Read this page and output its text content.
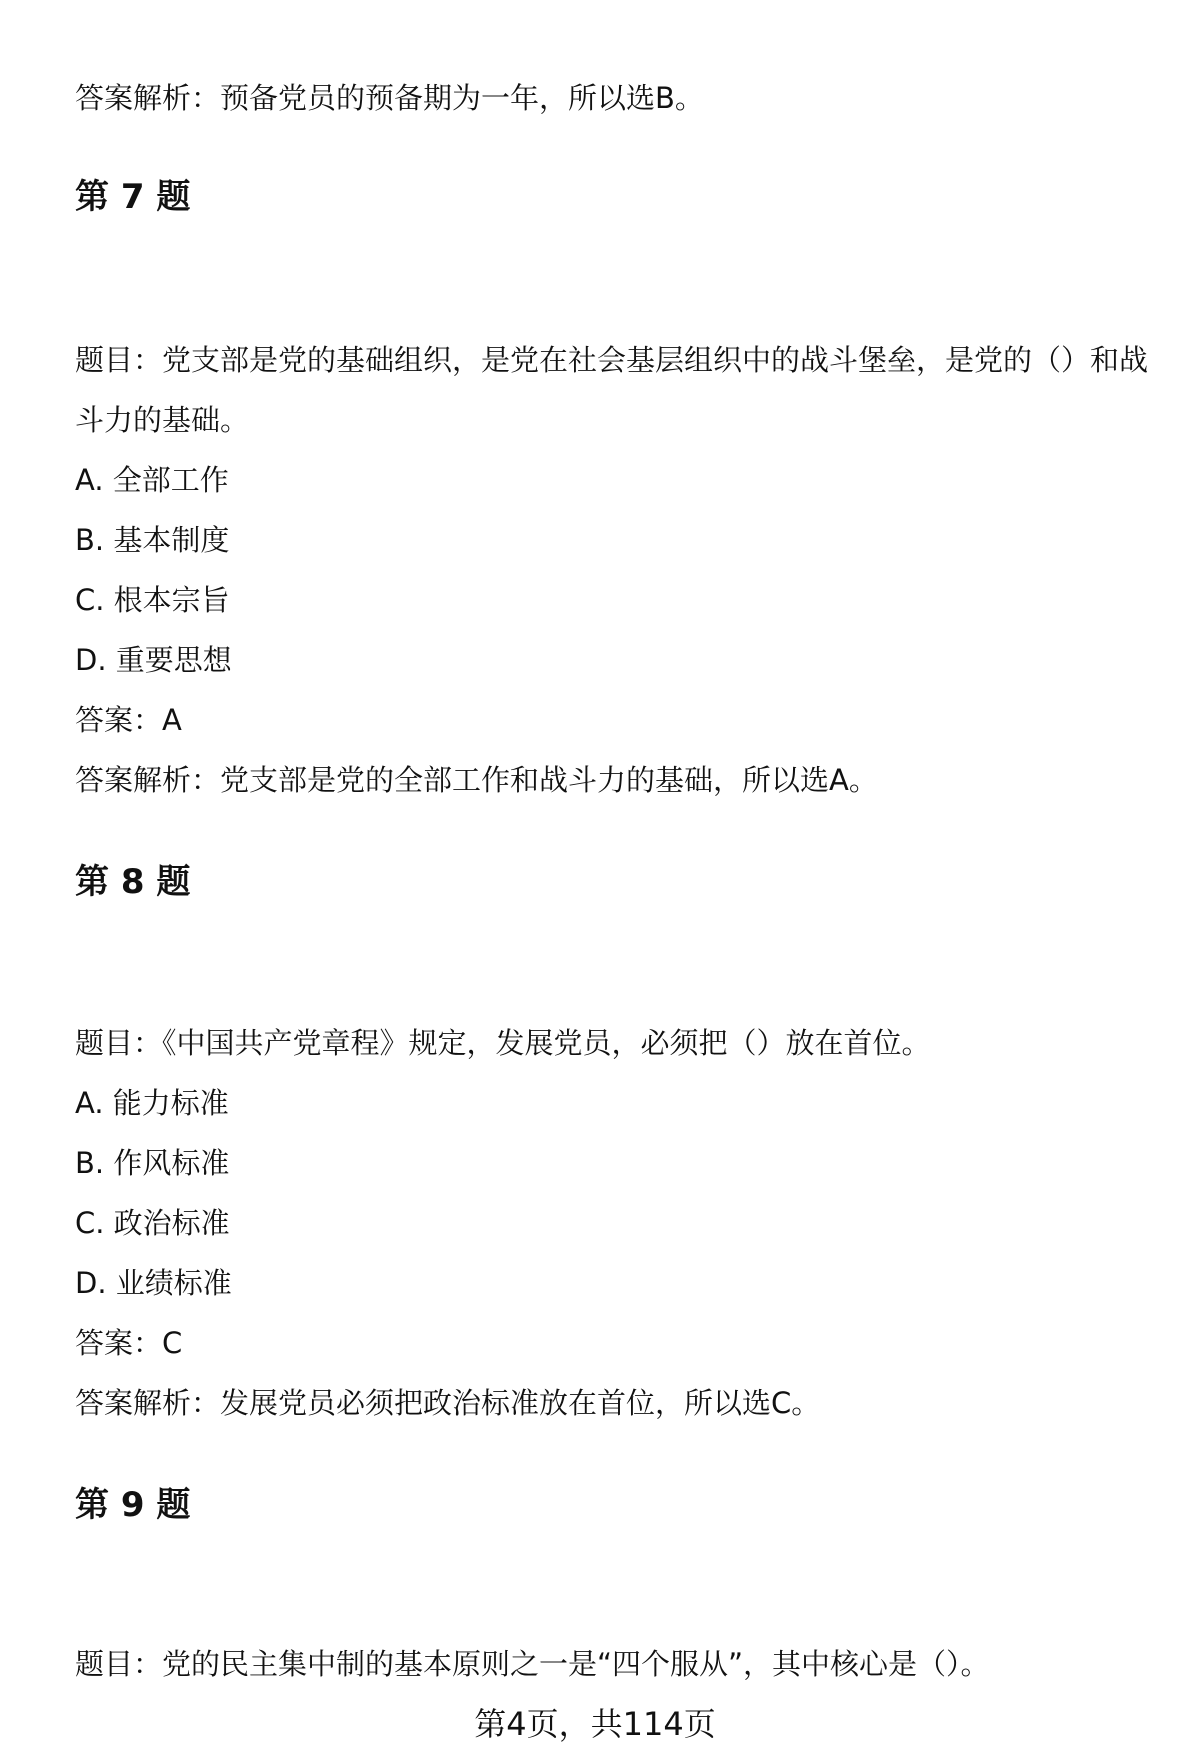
答案解析：预备党员的预备期为一年，所以选B。
第 7 题
题目：党支部是党的基础组织，是党在社会基层组织中的战斗堡垒，是党的（）和战斗力的基础。
A. 全部工作
B. 基本制度
C. 根本宗旨
D. 重要思想
答案：A
答案解析：党支部是党的全部工作和战斗力的基础，所以选A。
第 8 题
题目：《中国共产党章程》规定，发展党员，必须把（）放在首位。
A. 能力标准
B. 作风标准
C. 政治标准
D. 业绩标准
答案：C
答案解析：发展党员必须把政治标准放在首位，所以选C。
第 9 题
题目：党的民主集中制的基本原则之一是“四个服从”，其中核心是（）。
第4页，共114页
